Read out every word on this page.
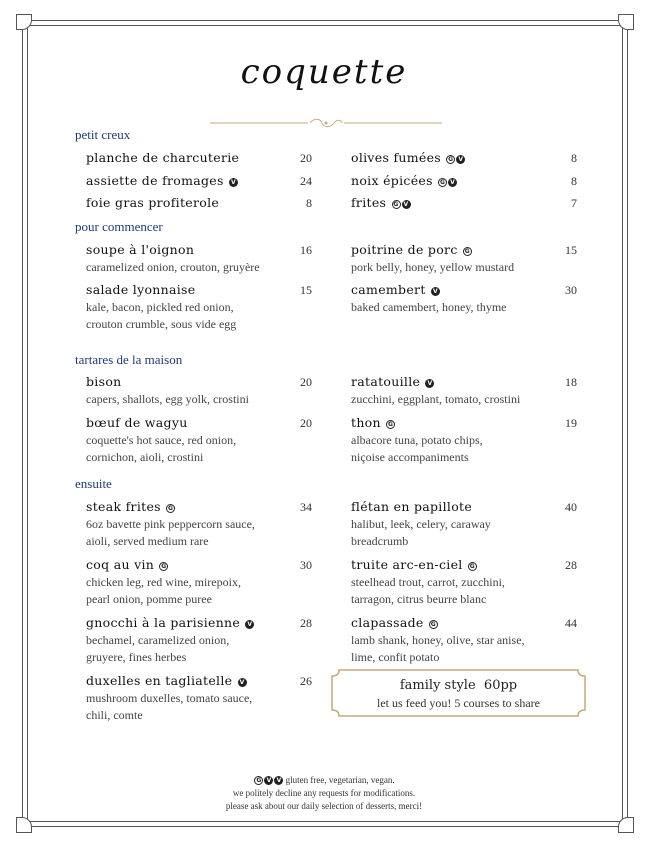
coquette
petit creux
planche de charcuterie	20
assiette de fromages V	24
foie gras profiterole	8
olives fumées G V	8
noix épicées G V	8
frites G V	7
pour commencer
soupe à l'oignon	16
caramelized onion, crouton, gruyère
salade lyonnaise	15
kale, bacon, pickled red onion,
crouton crumble, sous vide egg
poitrine de porc G	15
pork belly, honey, yellow mustard
camembert V	30
baked camembert, honey, thyme
tartares de la maison
bison	20
capers, shallots, egg yolk, crostini
bœuf de wagyu	20
coquette's hot sauce, red onion,
cornichon, aioli, crostini
ratatouille V	18
zucchini, eggplant, tomato, crostini
thon G	19
albacore tuna, potato chips,
niçoise accompaniments
ensuite
steak frites G	34
6oz bavette pink peppercorn sauce,
aioli, served medium rare
coq au vin G	30
chicken leg, red wine, mirepoix,
pearl onion, pomme puree
gnocchi à la parisienne V	28
bechamel, caramelized onion,
gruyere, fines herbes
duxelles en tagliatelle V	26
mushroom duxelles, tomato sauce,
chili, comte
flétan en papillote	40
halibut, leek, celery, caraway
breadcrumb
truite arc-en-ciel G	28
steelhead trout, carrot, zucchini,
tarragon, citrus beurre blanc
clapassade G	44
lamb shank, honey, olive, star anise,
lime, confit potato
family style 60pp
let us feed you! 5 courses to share
G V V gluten free, vegetarian, vegan.
we politely decline any requests for modifications.
please ask about our daily selection of desserts, merci!
